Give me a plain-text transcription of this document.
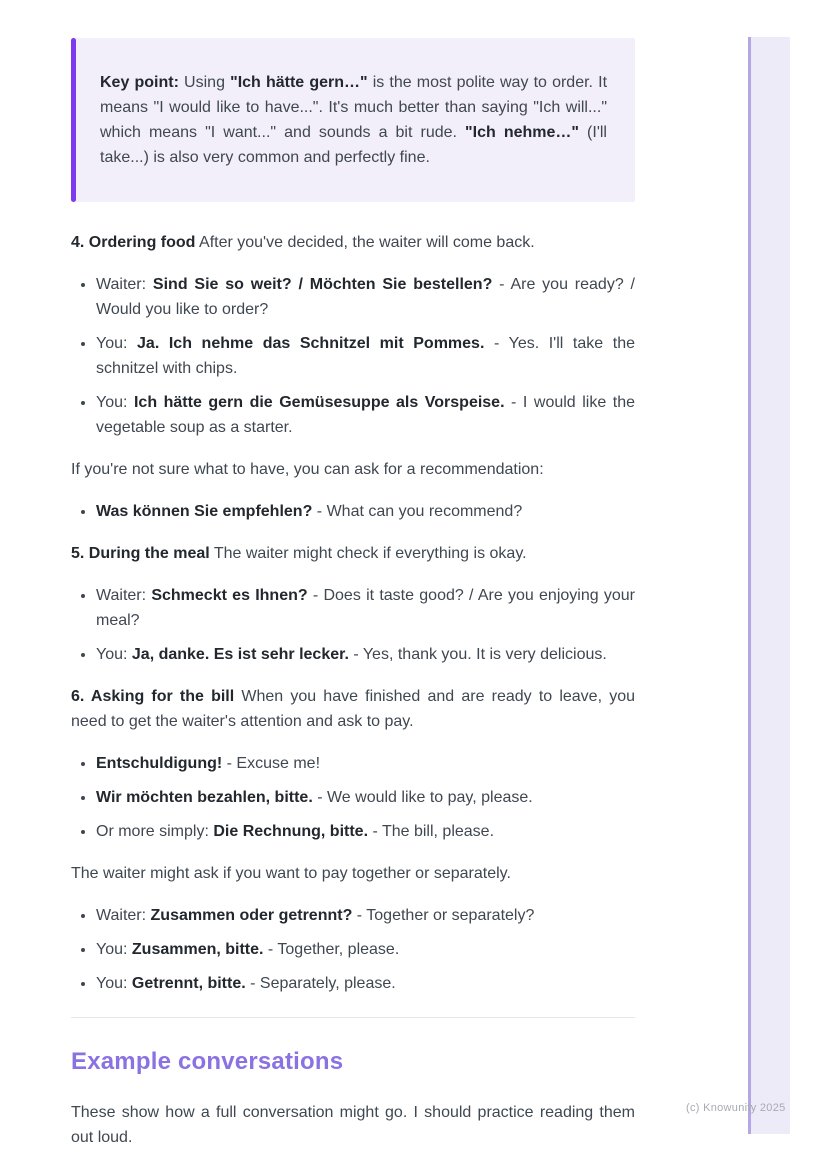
Key point: Using "Ich hätte gern…" is the most polite way to order. It means "I would like to have...". It's much better than saying "Ich will..." which means "I want..." and sounds a bit rude. "Ich nehme…" (I'll take...) is also very common and perfectly fine.

4. Ordering food After you've decided, the waiter will come back.

• Waiter: Sind Sie so weit? / Möchten Sie bestellen? - Are you ready? / Would you like to order?
• You: Ja. Ich nehme das Schnitzel mit Pommes. - Yes. I'll take the schnitzel with chips.
• You: Ich hätte gern die Gemüsesuppe als Vorspeise. - I would like the vegetable soup as a starter.

If you're not sure what to have, you can ask for a recommendation:

• Was können Sie empfehlen? - What can you recommend?

5. During the meal The waiter might check if everything is okay.

• Waiter: Schmeckt es Ihnen? - Does it taste good? / Are you enjoying your meal?
• You: Ja, danke. Es ist sehr lecker. - Yes, thank you. It is very delicious.

6. Asking for the bill When you have finished and are ready to leave, you need to get the waiter's attention and ask to pay.

• Entschuldigung! - Excuse me!
• Wir möchten bezahlen, bitte. - We would like to pay, please.
• Or more simply: Die Rechnung, bitte. - The bill, please.

The waiter might ask if you want to pay together or separately.

• Waiter: Zusammen oder getrennt? - Together or separately?
• You: Zusammen, bitte. - Together, please.
• You: Getrennt, bitte. - Separately, please.
Example conversations

These show how a full conversation might go. I should practice reading them out loud.

(c) Knowunity 2025
